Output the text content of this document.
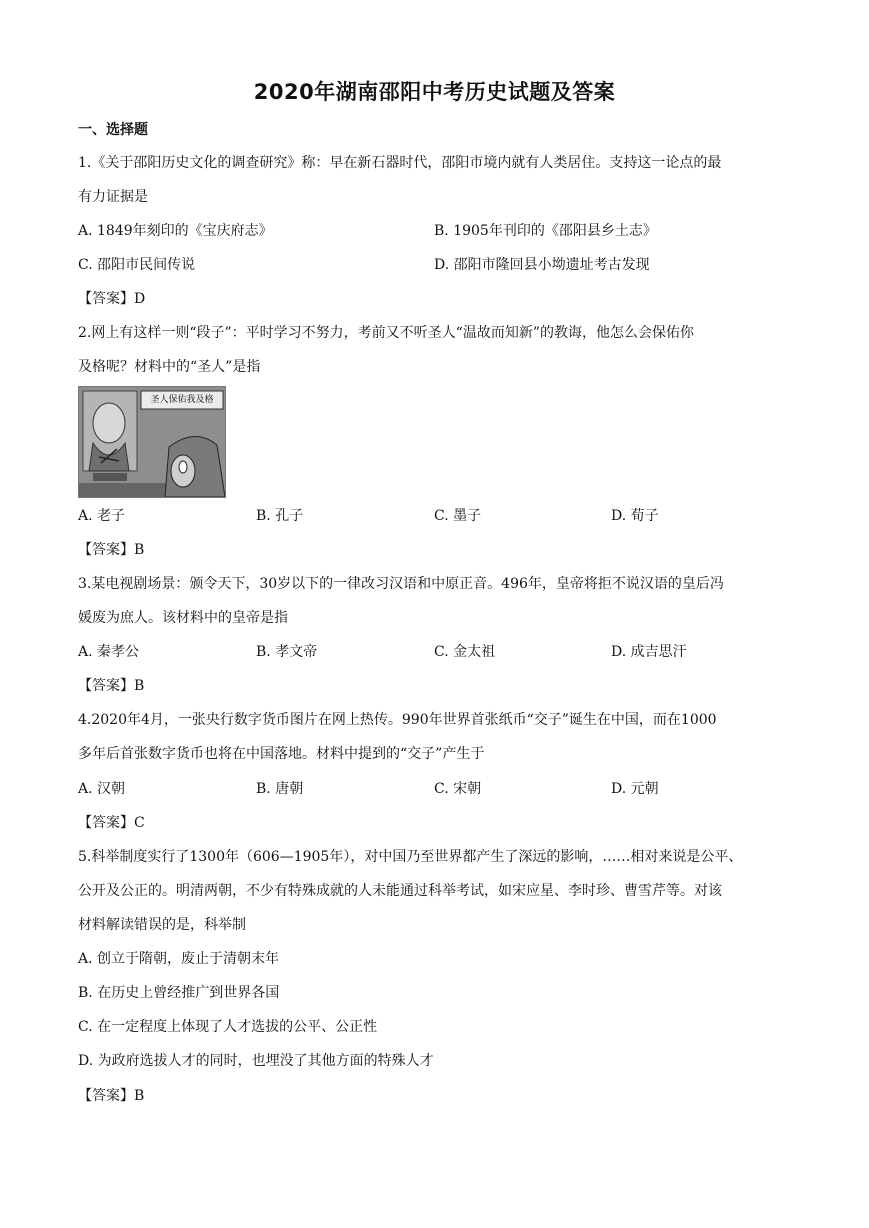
2020年湖南邵阳中考历史试题及答案
一、选择题
1.《关于邵阳历史文化的调查研究》称：早在新石器时代，邵阳市境内就有人类居住。支持这一论点的最
有力证据是
A. 1849年刻印的《宝庆府志》	B. 1905年刊印的《邵阳县乡土志》
C. 邵阳市民间传说	D. 邵阳市隆回县小坳遗址考古发现
【答案】D
2.网上有这样一则“段子”：平时学习不努力，考前又不听圣人“温故而知新”的教诲，他怎么会保佑你
及格呢？材料中的“圣人”是指
圣人保佑我及格
A. 老子	B. 孔子	C. 墨子	D. 荀子
【答案】B
3.某电视剧场景：颁令天下，30岁以下的一律改习汉语和中原正音。496年，皇帝将拒不说汉语的皇后冯
媛废为庶人。该材料中的皇帝是指
A. 秦孝公	B. 孝文帝	C. 金太祖	D. 成吉思汗
【答案】B
4.2020年4月，一张央行数字货币图片在网上热传。990年世界首张纸币“交子”诞生在中国，而在1000
多年后首张数字货币也将在中国落地。材料中提到的“交子”产生于
A. 汉朝	B. 唐朝	C. 宋朝	D. 元朝
【答案】C
5.科举制度实行了1300年（606—1905年），对中国乃至世界都产生了深远的影响，……相对来说是公平、
公开及公正的。明清两朝，不少有特殊成就的人未能通过科举考试，如宋应星、李时珍、曹雪芹等。对该
材料解读错误的是，科举制
A. 创立于隋朝，废止于清朝末年
B. 在历史上曾经推广到世界各国
C. 在一定程度上体现了人才选拔的公平、公正性
D. 为政府选拔人才的同时，也埋没了其他方面的特殊人才
【答案】B
